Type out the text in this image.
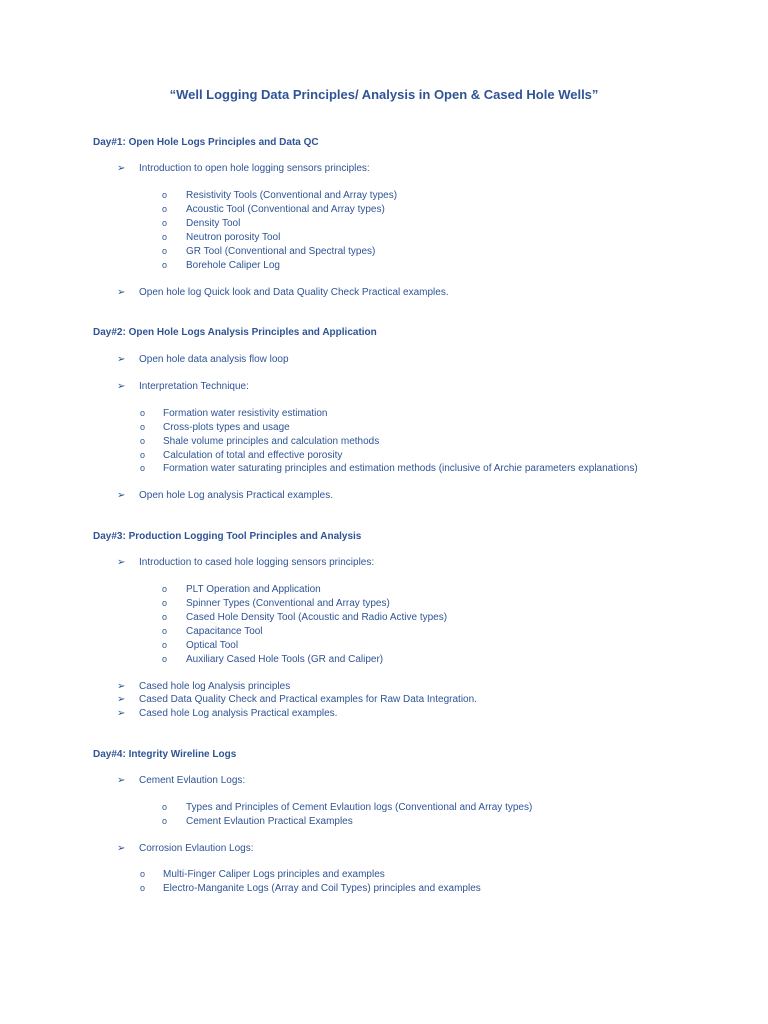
“Well Logging Data Principles/ Analysis in Open & Cased Hole Wells”
Day#1: Open Hole Logs Principles and Data QC
➢ Introduction to open hole logging sensors principles:
o Resistivity Tools (Conventional and Array types)
o Acoustic Tool (Conventional and Array types)
o Density Tool
o Neutron porosity Tool
o GR Tool (Conventional and Spectral types)
o Borehole Caliper Log
➢ Open hole log Quick look and Data Quality Check Practical examples.
Day#2: Open Hole Logs Analysis Principles and Application
➢ Open hole data analysis flow loop
➢ Interpretation Technique:
o Formation water resistivity estimation
o Cross-plots types and usage
o Shale volume principles and calculation methods
o Calculation of total and effective porosity
o Formation water saturating principles and estimation methods (inclusive of Archie parameters explanations)
➢ Open hole Log analysis Practical examples.
Day#3: Production Logging Tool Principles and Analysis
➢ Introduction to cased hole logging sensors principles:
o PLT Operation and Application
o Spinner Types (Conventional and Array types)
o Cased Hole Density Tool (Acoustic and Radio Active types)
o Capacitance Tool
o Optical Tool
o Auxiliary Cased Hole Tools (GR and Caliper)
➢ Cased hole log Analysis principles
➢ Cased Data Quality Check and Practical examples for Raw Data Integration.
➢ Cased hole Log analysis Practical examples.
Day#4: Integrity Wireline Logs
➢ Cement Evlaution Logs:
o Types and Principles of Cement Evlaution logs (Conventional and Array types)
o Cement Evlaution Practical Examples
➢ Corrosion Evlaution Logs:
o Multi-Finger Caliper Logs principles and examples
o Electro-Manganite Logs (Array and Coil Types) principles and examples
